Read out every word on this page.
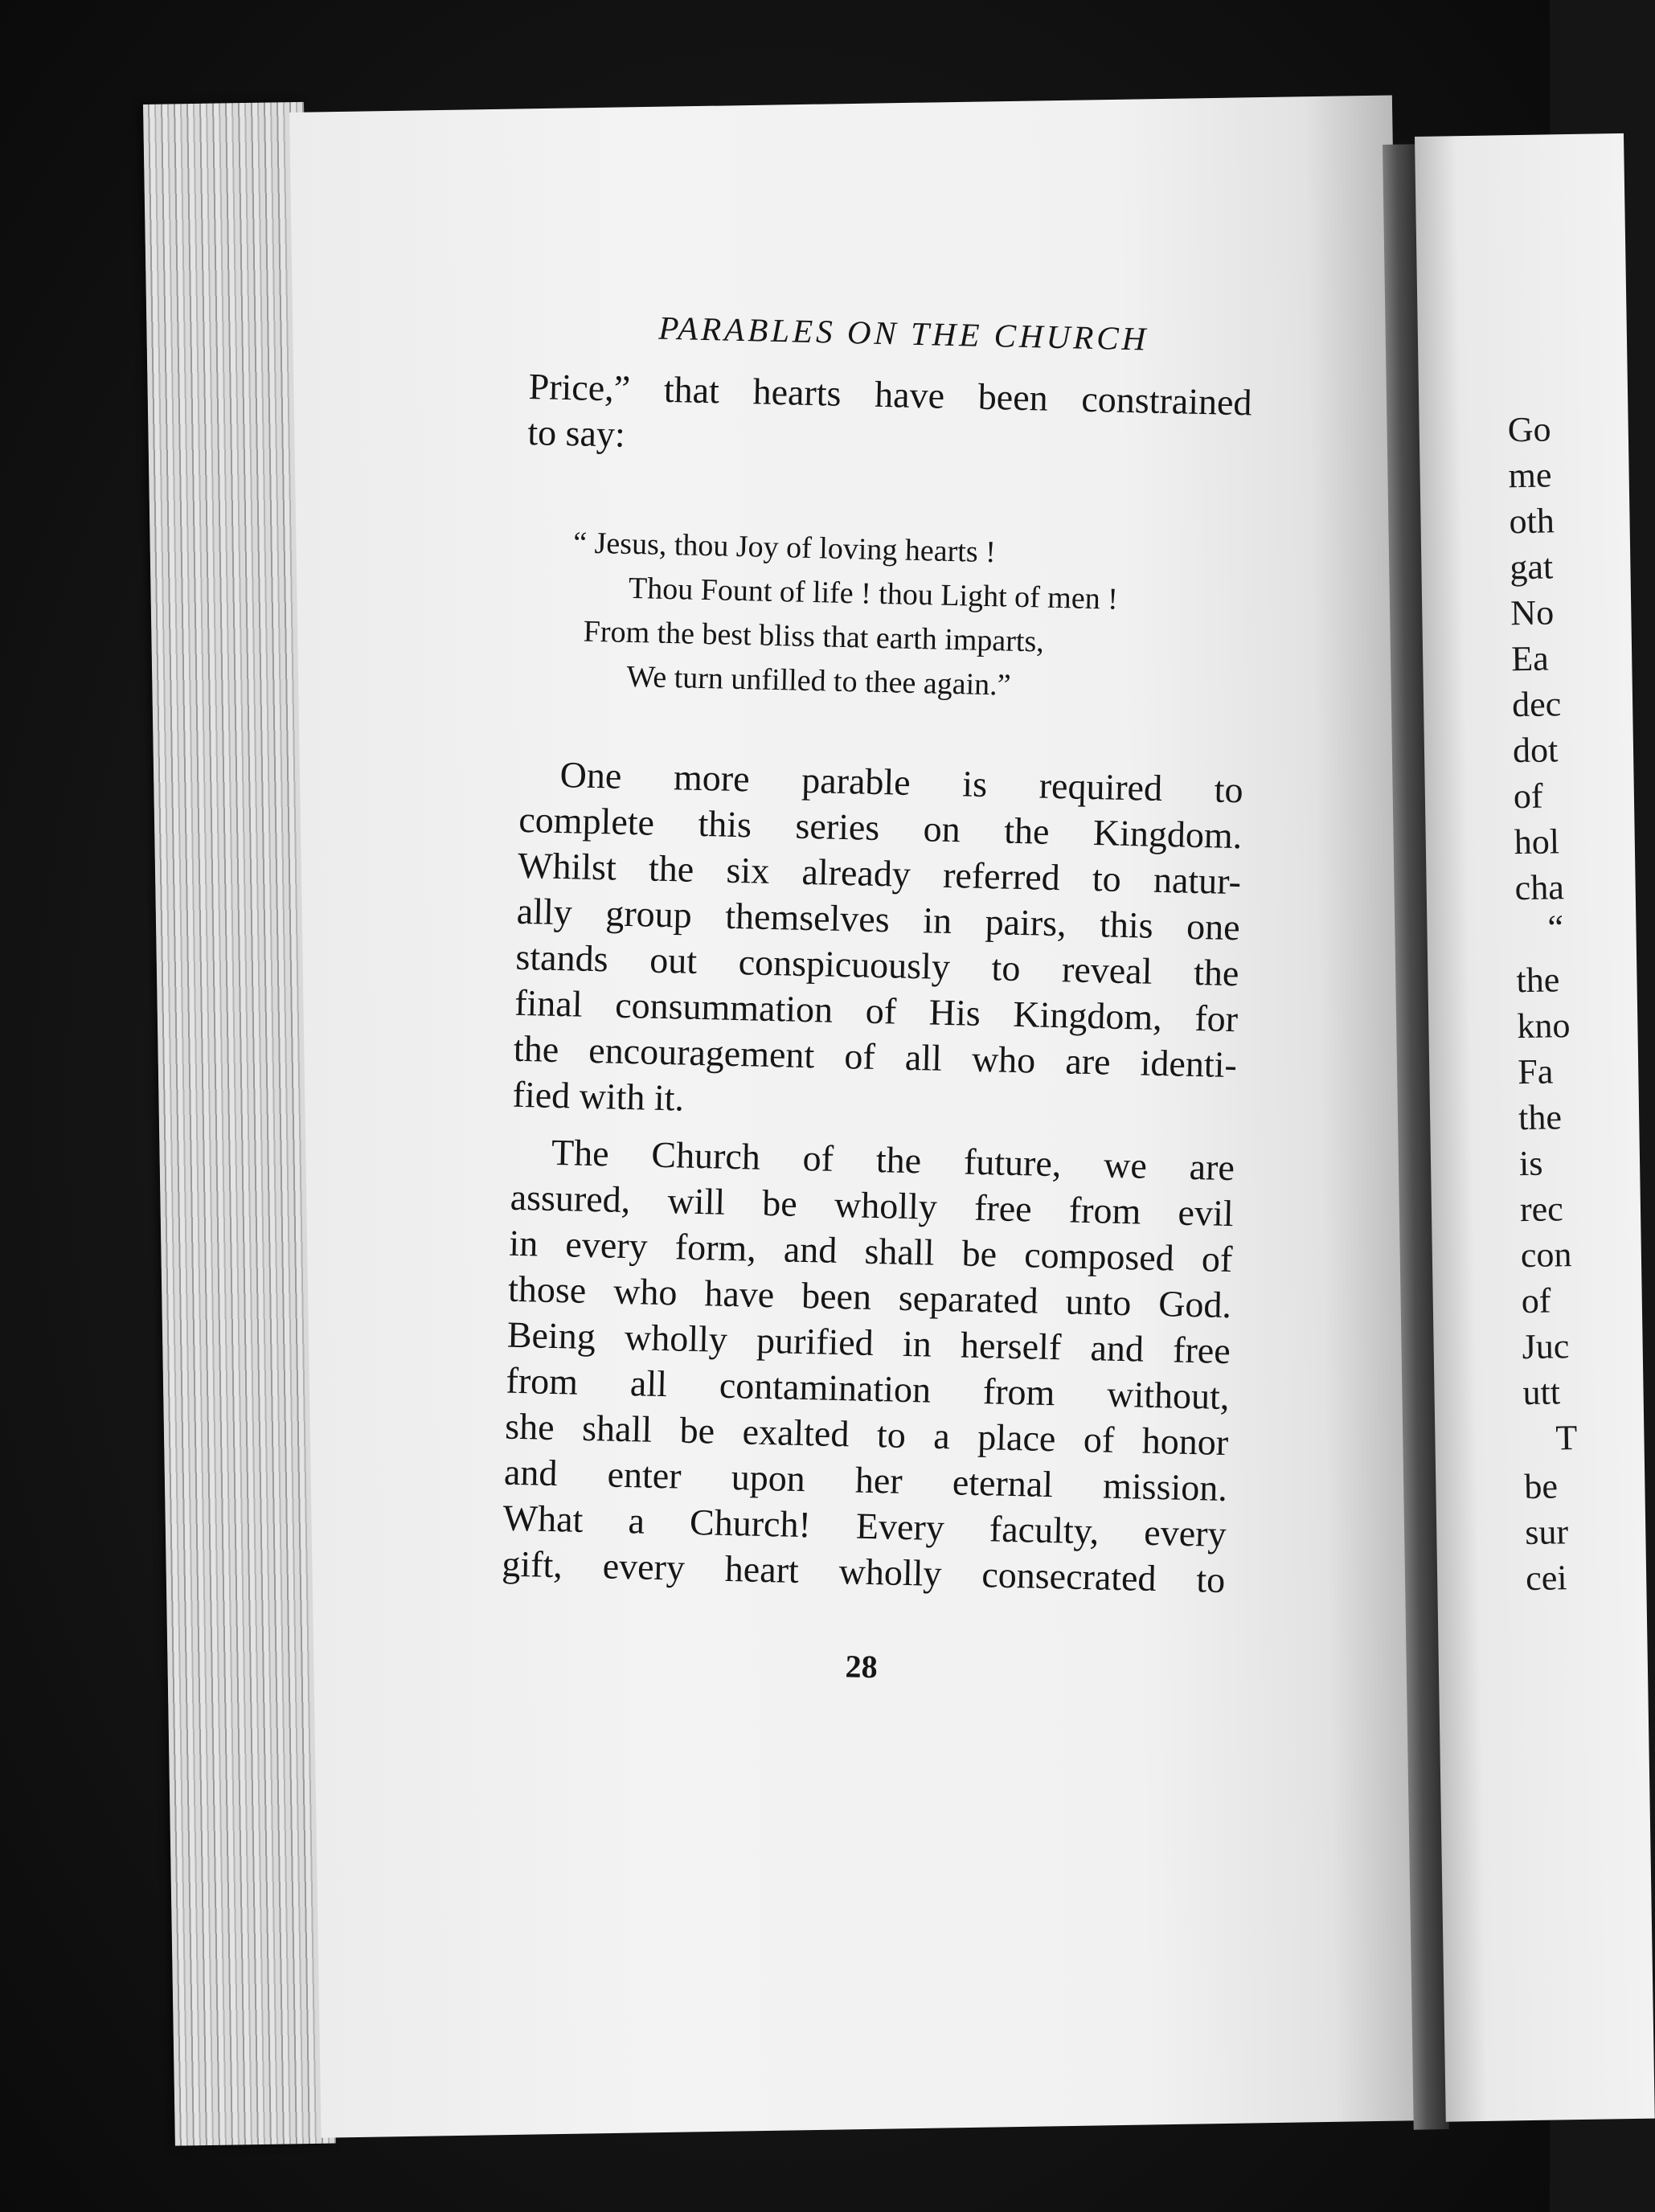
Go
me
oth
gat
No
Ea
dec
dot
of
hol
cha
“
the
kno
Fa
the
is
rec
con
of
Juc
utt
T
be
sur
cei
PARABLES ON THE CHURCH
Price,” that hearts have been constrained
to say:
“ Jesus, thou Joy of loving hearts !
Thou Fount of life ! thou Light of men !
From the best bliss that earth imparts,
We turn unfilled to thee again.”
One more parable is required to
complete this series on the Kingdom.
Whilst the six already referred to natur-
ally group themselves in pairs, this one
stands out conspicuously to reveal the
final consummation of His Kingdom, for
the encouragement of all who are identi-
fied with it.
The Church of the future, we are
assured, will be wholly free from evil
in every form, and shall be composed of
those who have been separated unto God.
Being wholly purified in herself and free
from all contamination from without,
she shall be exalted to a place of honor
and enter upon her eternal mission.
What a Church! Every faculty, every
gift, every heart wholly consecrated to
28
